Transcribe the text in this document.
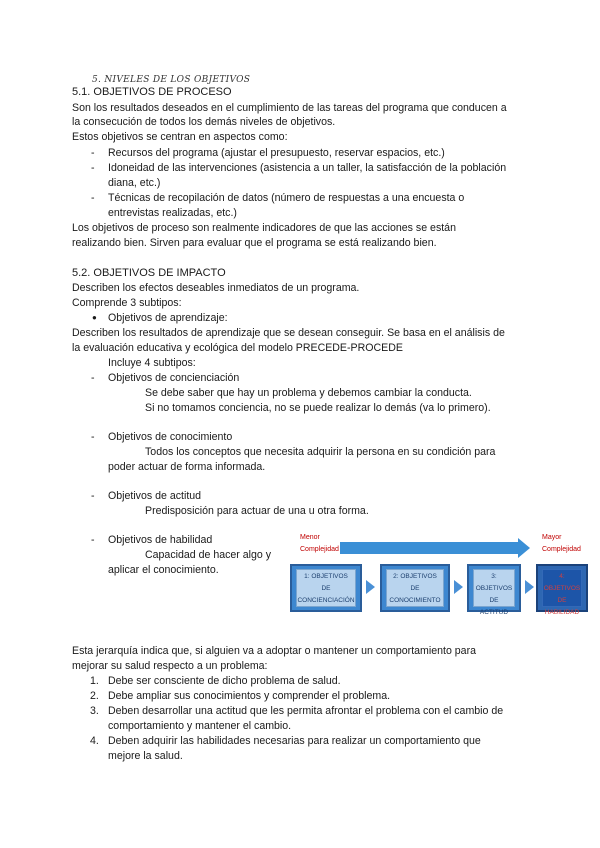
5. NIVELES DE LOS OBJETIVOS
5.1. OBJETIVOS DE PROCESO
Son los resultados deseados en el cumplimiento de las tareas del programa que conducen a
la consecución de todos los demás niveles de objetivos.
Estos objetivos se centran en aspectos como:
- Recursos del programa (ajustar el presupuesto, reservar espacios, etc.)
- Idoneidad de las intervenciones (asistencia a un taller, la satisfacción de la población
diana, etc.)
- Técnicas de recopilación de datos (número de respuestas a una encuesta o
entrevistas realizadas, etc.)
Los objetivos de proceso son realmente indicadores de que las acciones se están
realizando bien. Sirven para evaluar que el programa se está realizando bien.
5.2. OBJETIVOS DE IMPACTO
Describen los efectos deseables inmediatos de un programa.
Comprende 3 subtipos:
● Objetivos de aprendizaje:
Describen los resultados de aprendizaje que se desean conseguir. Se basa en el análisis de
la evaluación educativa y ecológica del modelo PRECEDE-PROCEDE
Incluye 4 subtipos:
- Objetivos de concienciación
Se debe saber que hay un problema y debemos cambiar la conducta.
Si no tomamos conciencia, no se puede realizar lo demás (va lo primero).
- Objetivos de conocimiento
Todos los conceptos que necesita adquirir la persona en su condición para
poder actuar de forma informada.
- Objetivos de actitud
Predisposición para actuar de una u otra forma.
- Objetivos de habilidad
Capacidad de hacer algo y
aplicar el conocimiento.
Menor
Complejidad
Mayor
Complejidad
1: OBJETIVOS
DE
CONCIENCIACIÓN
2: OBJETIVOS
DE
CONOCIMIENTO
3: OBJETIVOS
DE
ACTITUD
4: OBJETIVOS
DE
HABILIDAD
Esta jerarquía indica que, si alguien va a adoptar o mantener un comportamiento para
mejorar su salud respecto a un problema:
1. Debe ser consciente de dicho problema de salud.
2. Debe ampliar sus conocimientos y comprender el problema.
3. Deben desarrollar una actitud que les permita afrontar el problema con el cambio de
comportamiento y mantener el cambio.
4. Deben adquirir las habilidades necesarias para realizar un comportamiento que
mejore la salud.
